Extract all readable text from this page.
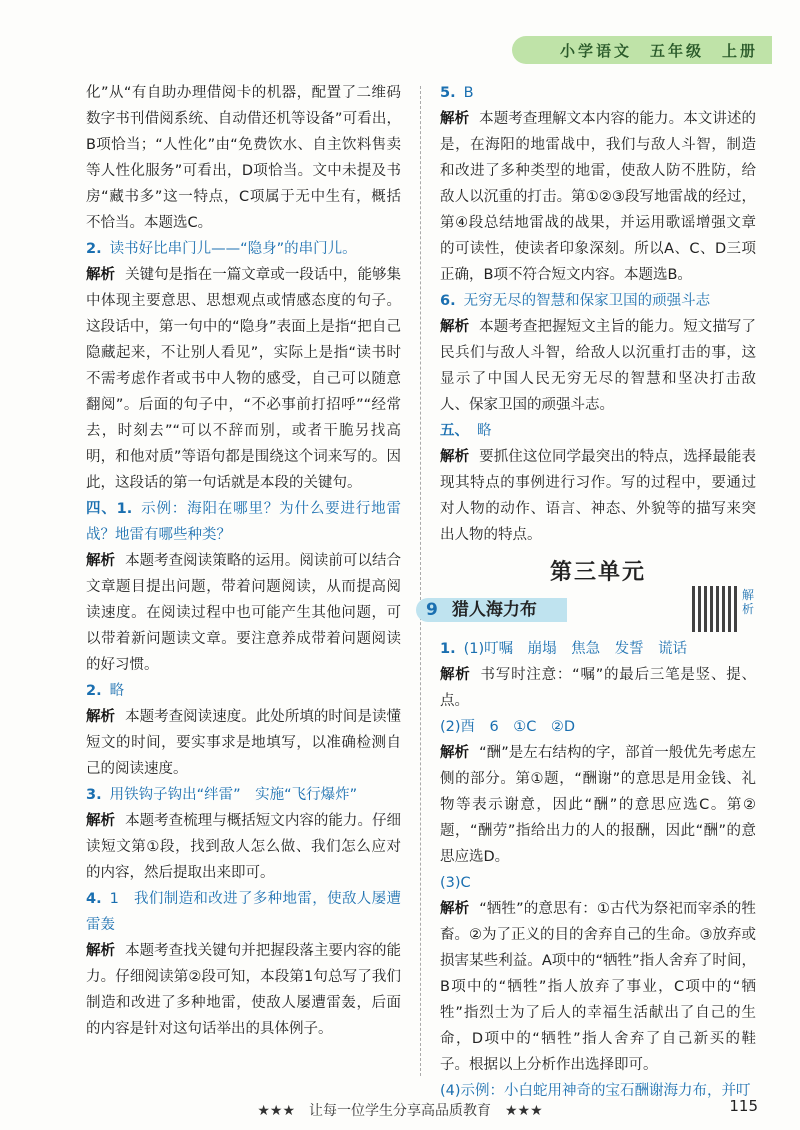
小学语文　五年级　上册

化”从“有自助办理借阅卡的机器，配置了二维码数字书刊借阅系统、自动借还机等设备”可看出，B项恰当；“人性化”由“免费饮水、自主饮料售卖等人性化服务”可看出，D项恰当。文中未提及书房“藏书多”这一特点，C项属于无中生有，概括不恰当。本题选C。

2. 读书好比串门儿——“隐身”的串门儿。

解析 关键句是指在一篇文章或一段话中，能够集中体现主要意思、思想观点或情感态度的句子。这段话中，第一句中的“隐身”表面上是指“把自己隐藏起来，不让别人看见”，实际上是指“读书时不需考虑作者或书中人物的感受，自己可以随意翻阅”。后面的句子中，“不必事前打招呼”“经常去，时刻去”“可以不辞而别，或者干脆另找高明，和他对质”等语句都是围绕这个词来写的。因此，这段话的第一句话就是本段的关键句。

四、1. 示例：海阳在哪里？为什么要进行地雷战？地雷有哪些种类？

解析 本题考查阅读策略的运用。阅读前可以结合文章题目提出问题，带着问题阅读，从而提高阅读速度。在阅读过程中也可能产生其他问题，可以带着新问题读文章。要注意养成带着问题阅读的好习惯。

2. 略

解析 本题考查阅读速度。此处所填的时间是读懂短文的时间，要实事求是地填写，以准确检测自己的阅读速度。

3. 用铁钩子钩出“绊雷”　实施“飞行爆炸”

解析 本题考查梳理与概括短文内容的能力。仔细读短文第①段，找到敌人怎么做、我们怎么应对的内容，然后提取出来即可。

4. 1　我们制造和改进了多种地雷，使敌人屡遭雷轰

解析 本题考查找关键句并把握段落主要内容的能力。仔细阅读第②段可知，本段第1句总写了我们制造和改进了多种地雷，使敌人屡遭雷轰，后面的内容是针对这句话举出的具体例子。

5. B

解析 本题考查理解文本内容的能力。本文讲述的是，在海阳的地雷战中，我们与敌人斗智，制造和改进了多种类型的地雷，使敌人防不胜防，给敌人以沉重的打击。第①②③段写地雷战的经过，第④段总结地雷战的战果，并运用歌谣增强文章的可读性，使读者印象深刻。所以A、C、D三项正确，B项不符合短文内容。本题选B。

6. 无穷无尽的智慧和保家卫国的顽强斗志

解析 本题考查把握短文主旨的能力。短文描写了民兵们与敌人斗智，给敌人以沉重打击的事，这显示了中国人民无穷无尽的智慧和坚决打击敌人、保家卫国的顽强斗志。

五、 略

解析 要抓住这位同学最突出的特点，选择最能表现其特点的事例进行习作。写的过程中，要通过对人物的动作、语言、神态、外貌等的描写来突出人物的特点。

第三单元
9 猎人海力布
解析

1. (1)叮嘱　崩塌　焦急　发誓　谎话

解析 书写时注意：“嘱”的最后三笔是竖、提、点。

(2)酉　6　①C　②D

解析 “酬”是左右结构的字，部首一般优先考虑左侧的部分。第①题，“酬谢”的意思是用金钱、礼物等表示谢意，因此“酬”的意思应选C。第②题，“酬劳”指给出力的人的报酬，因此“酬”的意思应选D。

(3)C

解析 “牺牲”的意思有：①古代为祭祀而宰杀的牲畜。②为了正义的目的舍弃自己的生命。③放弃或损害某些利益。A项中的“牺牲”指人舍弃了时间，B项中的“牺牲”指人放弃了事业，C项中的“牺牲”指烈士为了后人的幸福生活献出了自己的生命，D项中的“牺牲”指人舍弃了自己新买的鞋子。根据以上分析作出选择即可。

(4)示例：小白蛇用神奇的宝石酬谢海力布，并叮

★★★　让每一位学生分享高品质教育　★★★	115
